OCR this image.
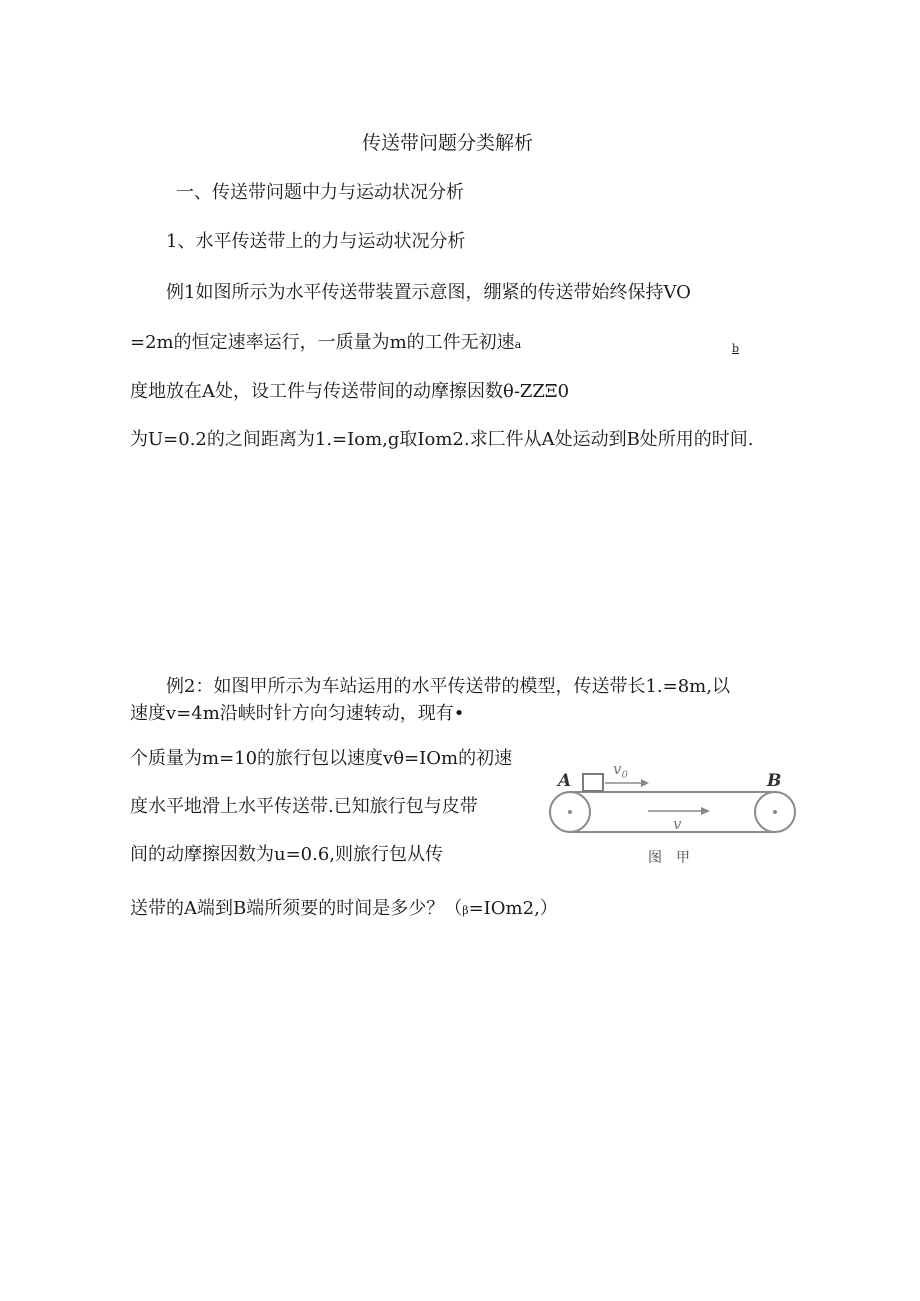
传送带问题分类解析
一、传送带问题中力与运动状况分析
1、水平传送带上的力与运动状况分析
例1如图所示为水平传送带装置示意图，绷紧的传送带始终保持VO
=2m的恒定速率运行，一质量为m的工件无初速a	b
度地放在A处，设工件与传送带间的动摩擦因数θ-ZZΞ0
为U=0.2的之间距离为1.=Iom,g取Iom2.求匚件从A处运动到B处所用的时间.
例2：如图甲所示为车站运用的水平传送带的模型，传送带长1.=8m,以
速度v=4m沿峡时针方向匀速转动，现有•
个质量为m=10的旅行包以速度vθ=IOm的初速
度水平地滑上水平传送带.已知旅行包与皮带
间的动摩擦因数为u=0.6,则旅行包从传
送带的A端到B端所须要的时间是多少？（β=IOm2,）
A	B
$v_0$
v
图　甲
